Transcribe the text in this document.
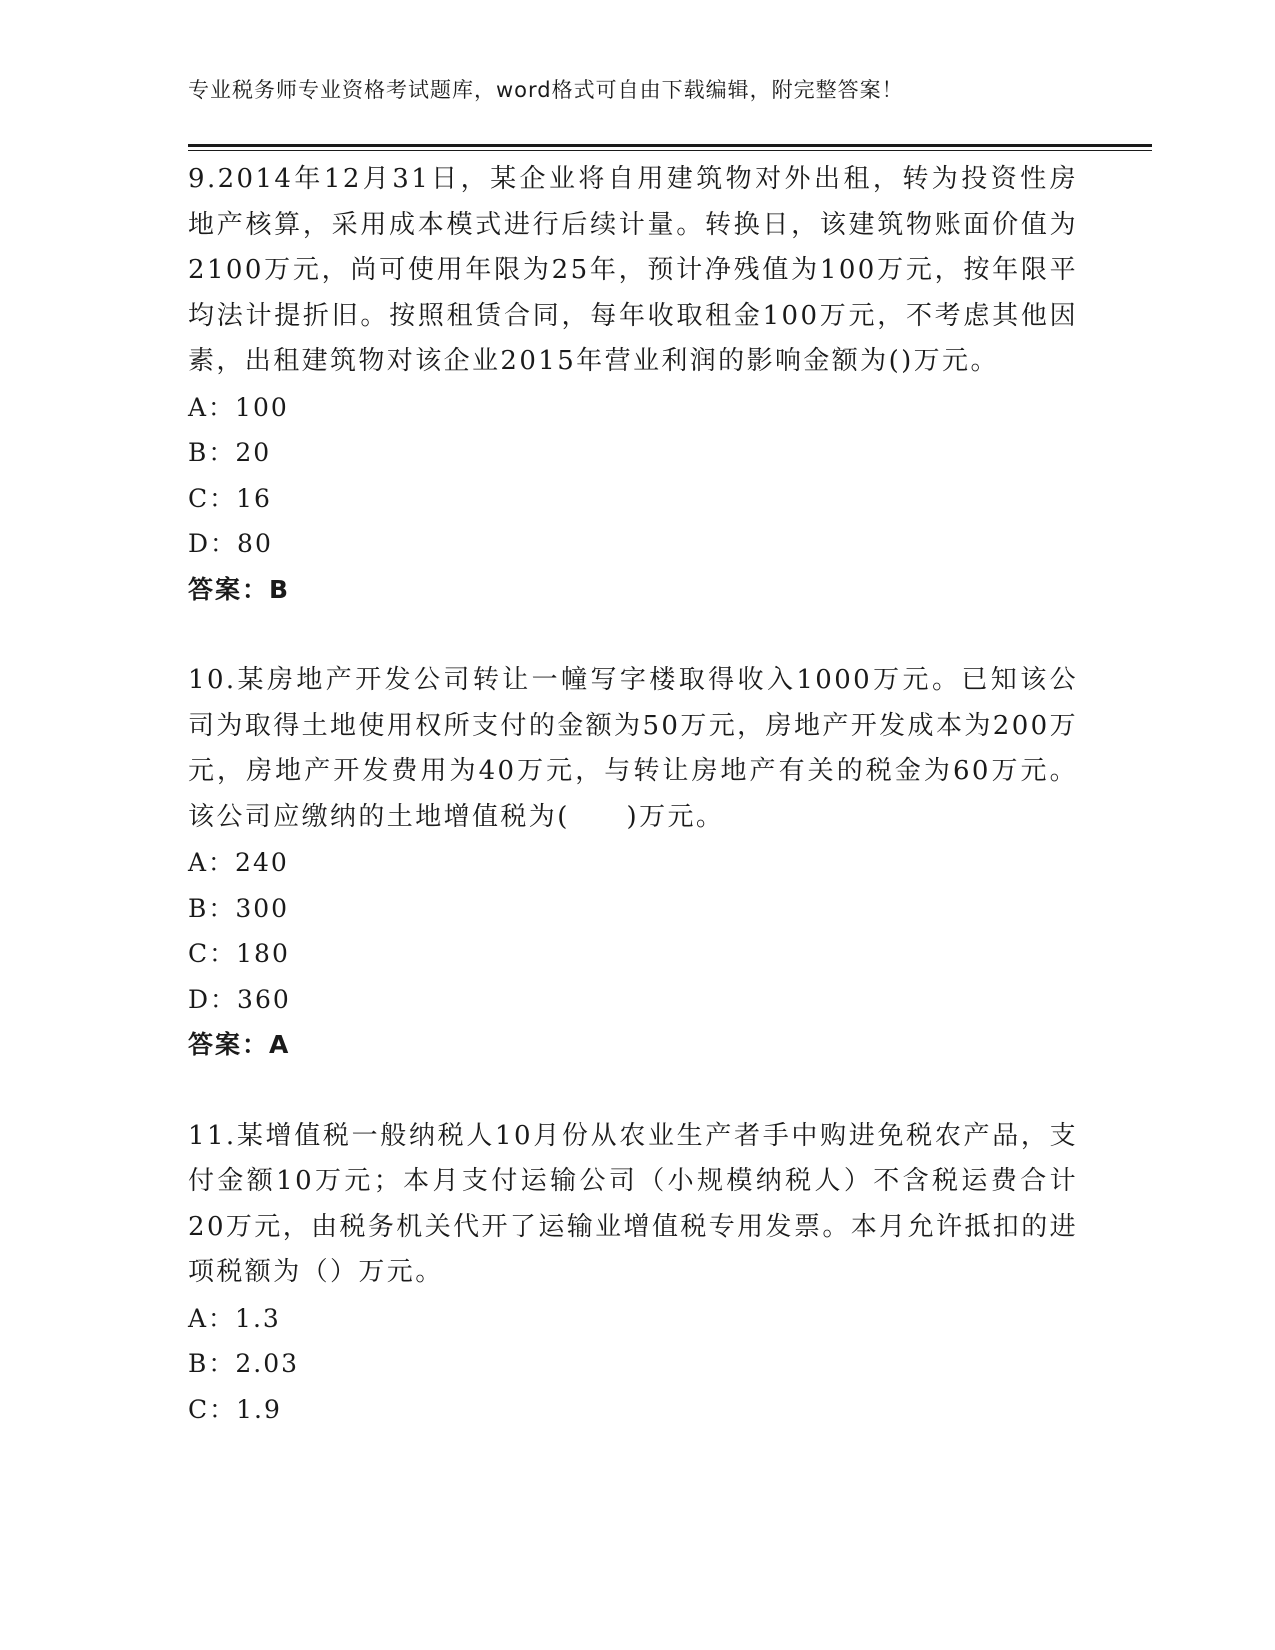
专业税务师专业资格考试题库，word格式可自由下载编辑，附完整答案！

9.2014年12月31日，某企业将自用建筑物对外出租，转为投资性房地产核算，采用成本模式进行后续计量。转换日，该建筑物账面价值为2100万元，尚可使用年限为25年，预计净残值为100万元，按年限平均法计提折旧。按照租赁合同，每年收取租金100万元，不考虑其他因素，出租建筑物对该企业2015年营业利润的影响金额为()万元。

A：100

B：20

C：16

D：80

答案：B

10.某房地产开发公司转让一幢写字楼取得收入1000万元。已知该公司为取得土地使用权所支付的金额为50万元，房地产开发成本为200万元，房地产开发费用为40万元，与转让房地产有关的税金为60万元。该公司应缴纳的土地增值税为(　　)万元。

A：240

B：300

C：180

D：360

答案：A

11.某增值税一般纳税人10月份从农业生产者手中购进免税农产品，支付金额10万元；本月支付运输公司（小规模纳税人）不含税运费合计20万元，由税务机关代开了运输业增值税专用发票。本月允许抵扣的进项税额为（）万元。

A：1.3

B：2.03

C：1.9
